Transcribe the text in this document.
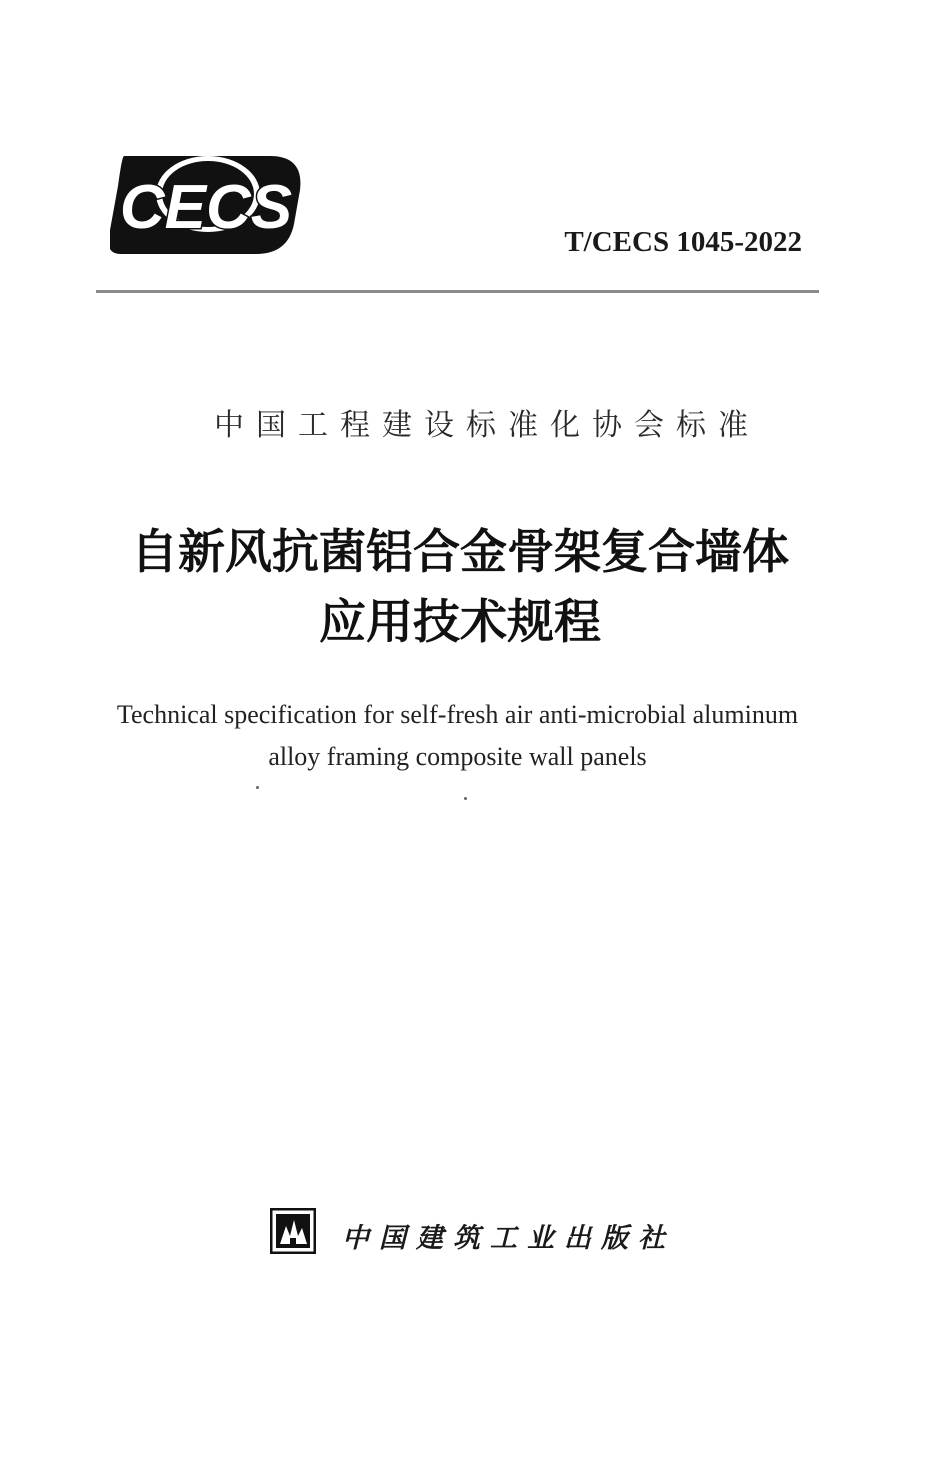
CECS	T/CECS 1045-2022
中国工程建设标准化协会标准
自新风抗菌铝合金骨架复合墙体
应用技术规程
Technical specification for self-fresh air anti-microbial aluminum
alloy framing composite wall panels
中国建筑工业出版社
